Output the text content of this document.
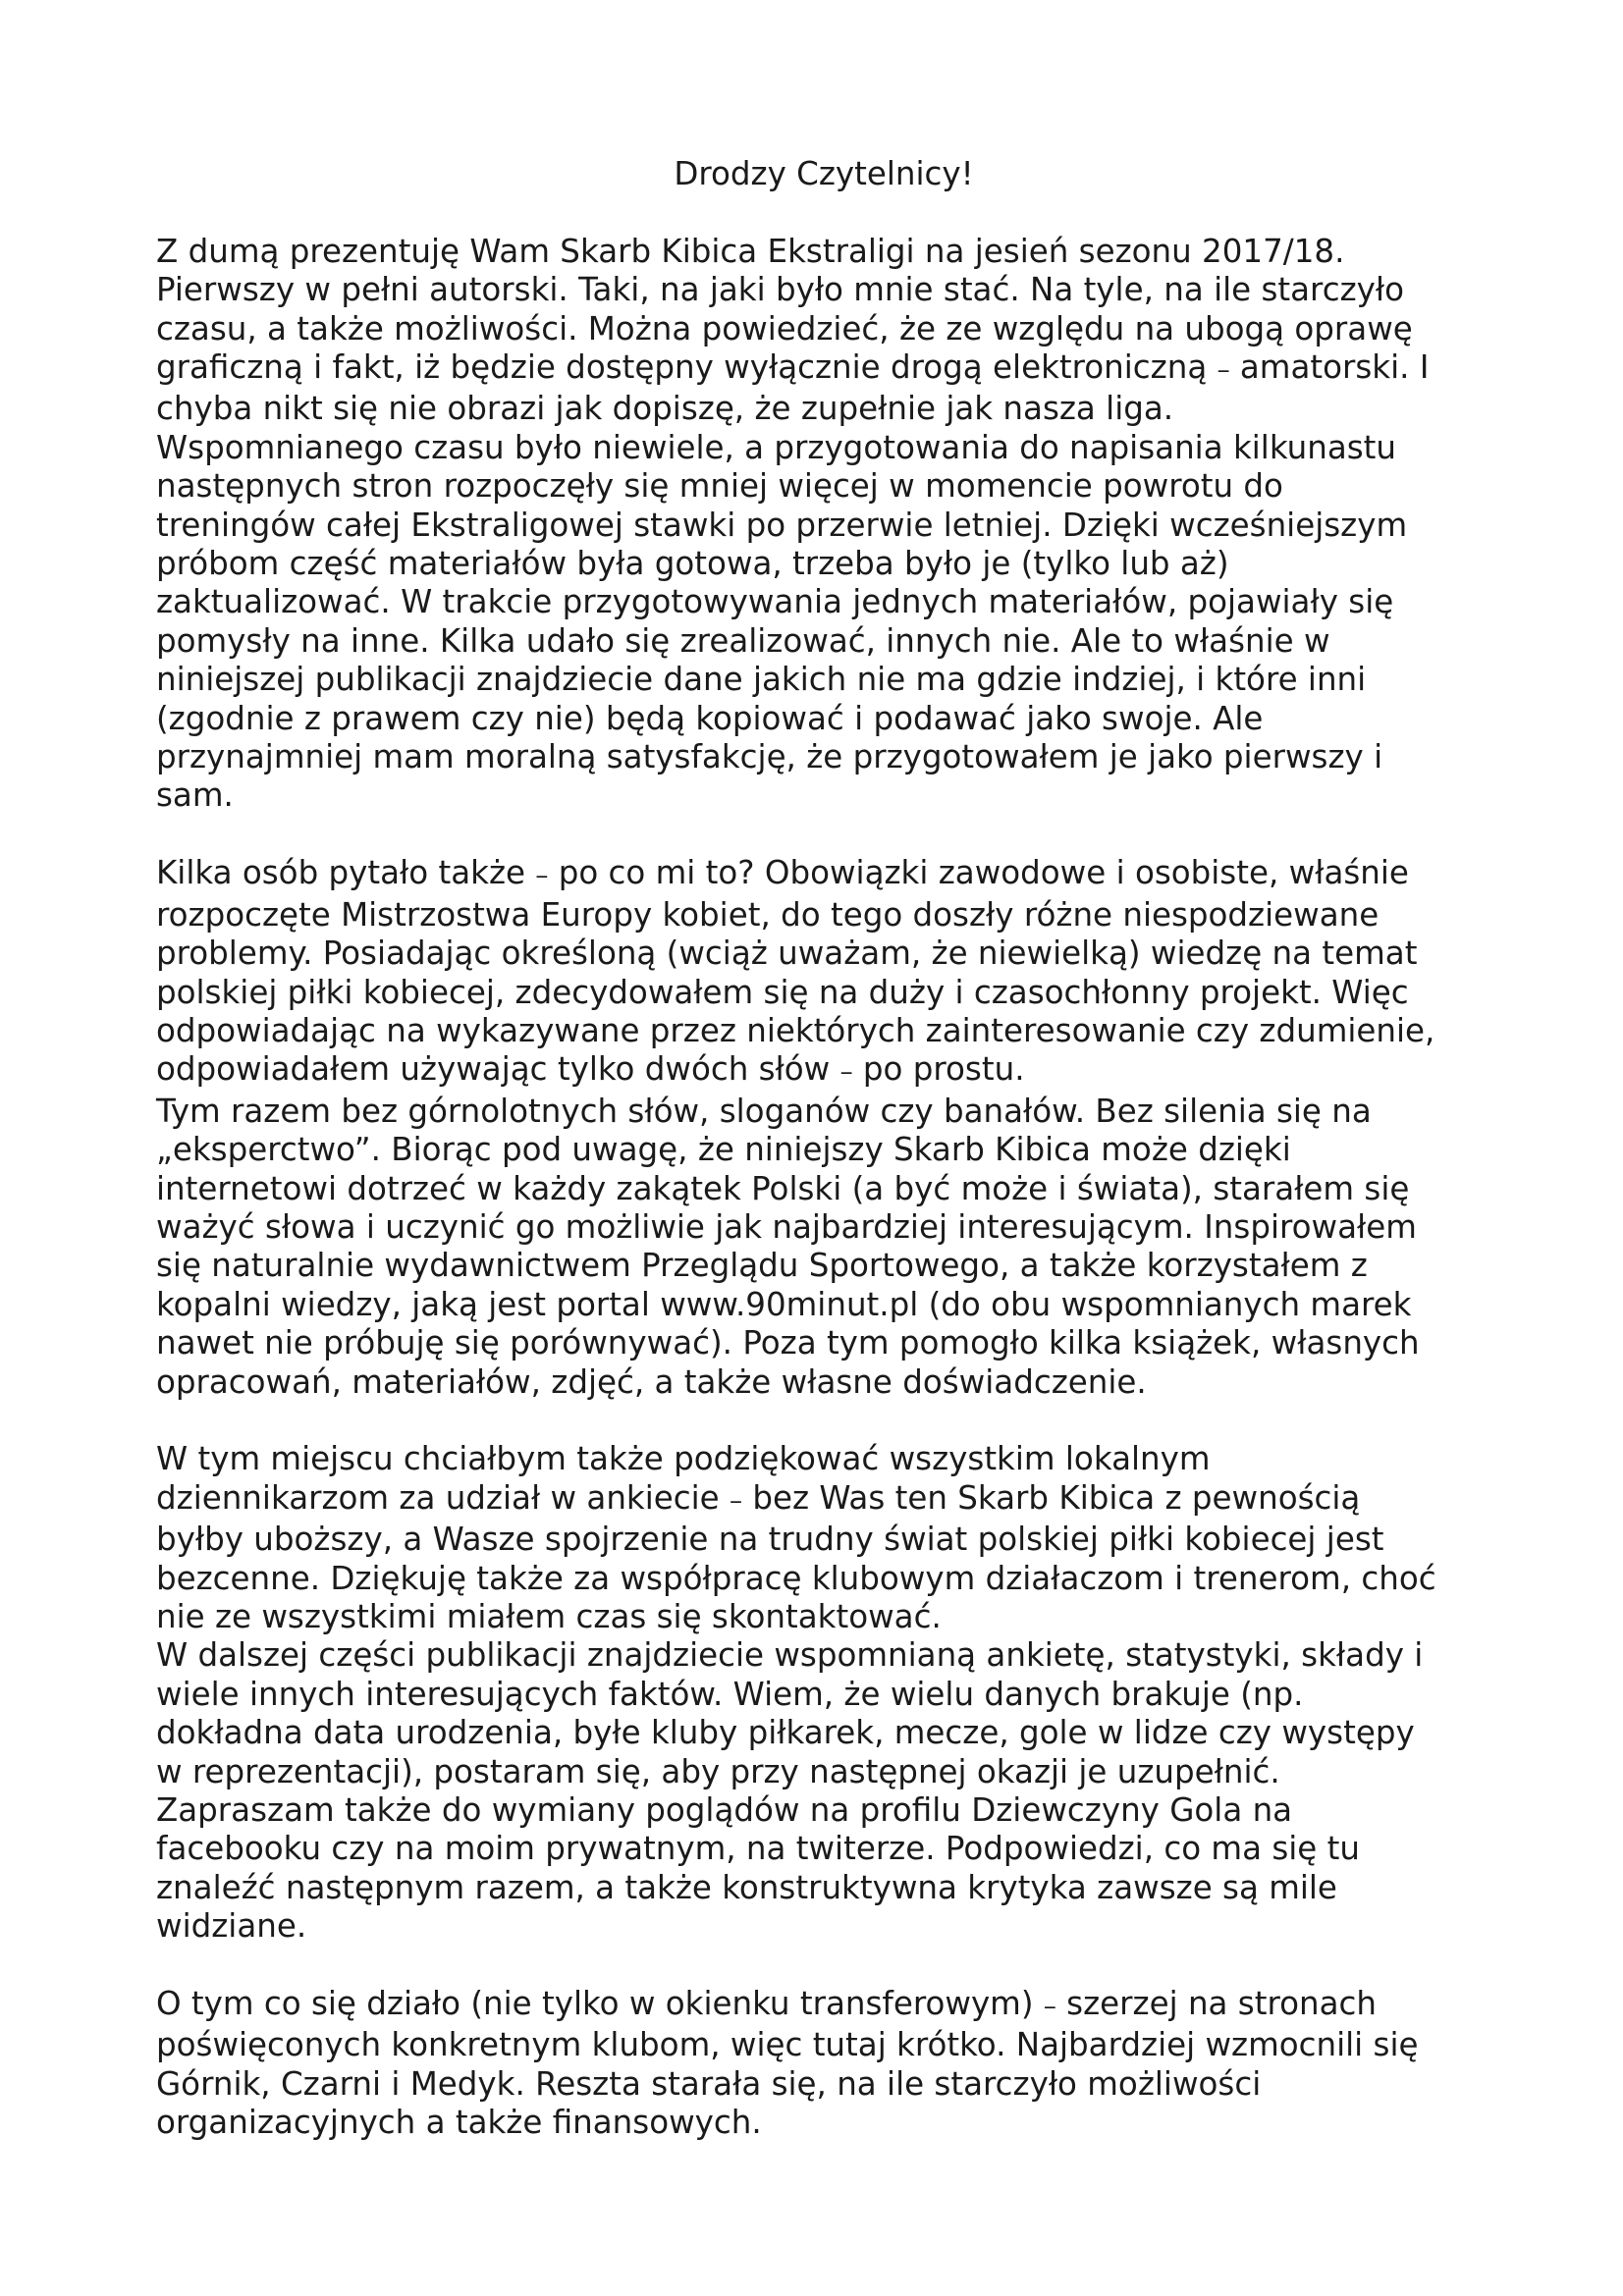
Drodzy Czytelnicy!
Z dumą prezentuję Wam Skarb Kibica Ekstraligi na jesień sezonu 2017/18.
Pierwszy w pełni autorski. Taki, na jaki było mnie stać. Na tyle, na ile starczyło
czasu, a także możliwości. Można powiedzieć, że ze względu na ubogą oprawę
graficzną i fakt, iż będzie dostępny wyłącznie drogą elektroniczną – amatorski. I
chyba nikt się nie obrazi jak dopiszę, że zupełnie jak nasza liga.
Wspomnianego czasu było niewiele, a przygotowania do napisania kilkunastu
następnych stron rozpoczęły się mniej więcej w momencie powrotu do
treningów całej Ekstraligowej stawki po przerwie letniej. Dzięki wcześniejszym
próbom część materiałów była gotowa, trzeba było je (tylko lub aż)
zaktualizować. W trakcie przygotowywania jednych materiałów, pojawiały się
pomysły na inne. Kilka udało się zrealizować, innych nie. Ale to właśnie w
niniejszej publikacji znajdziecie dane jakich nie ma gdzie indziej, i które inni
(zgodnie z prawem czy nie) będą kopiować i podawać jako swoje. Ale
przynajmniej mam moralną satysfakcję, że przygotowałem je jako pierwszy i
sam.
Kilka osób pytało także – po co mi to? Obowiązki zawodowe i osobiste, właśnie
rozpoczęte Mistrzostwa Europy kobiet, do tego doszły różne niespodziewane
problemy. Posiadając określoną (wciąż uważam, że niewielką) wiedzę na temat
polskiej piłki kobiecej, zdecydowałem się na duży i czasochłonny projekt. Więc
odpowiadając na wykazywane przez niektórych zainteresowanie czy zdumienie,
odpowiadałem używając tylko dwóch słów – po prostu.
Tym razem bez górnolotnych słów, sloganów czy banałów. Bez silenia się na
„eksperctwo”. Biorąc pod uwagę, że niniejszy Skarb Kibica może dzięki
internetowi dotrzeć w każdy zakątek Polski (a być może i świata), starałem się
ważyć słowa i uczynić go możliwie jak najbardziej interesującym. Inspirowałem
się naturalnie wydawnictwem Przeglądu Sportowego, a także korzystałem z
kopalni wiedzy, jaką jest portal www.90minut.pl (do obu wspomnianych marek
nawet nie próbuję się porównywać). Poza tym pomogło kilka książek, własnych
opracowań, materiałów, zdjęć, a także własne doświadczenie.
W tym miejscu chciałbym także podziękować wszystkim lokalnym
dziennikarzom za udział w ankiecie – bez Was ten Skarb Kibica z pewnością
byłby uboższy, a Wasze spojrzenie na trudny świat polskiej piłki kobiecej jest
bezcenne. Dziękuję także za współpracę klubowym działaczom i trenerom, choć
nie ze wszystkimi miałem czas się skontaktować.
W dalszej części publikacji znajdziecie wspomnianą ankietę, statystyki, składy i
wiele innych interesujących faktów. Wiem, że wielu danych brakuje (np.
dokładna data urodzenia, byłe kluby piłkarek, mecze, gole w lidze czy występy
w reprezentacji), postaram się, aby przy następnej okazji je uzupełnić.
Zapraszam także do wymiany poglądów na profilu Dziewczyny Gola na
facebooku czy na moim prywatnym, na twiterze. Podpowiedzi, co ma się tu
znaleźć następnym razem, a także konstruktywna krytyka zawsze są mile
widziane.
O tym co się działo (nie tylko w okienku transferowym) – szerzej na stronach
poświęconych konkretnym klubom, więc tutaj krótko. Najbardziej wzmocnili się
Górnik, Czarni i Medyk. Reszta starała się, na ile starczyło możliwości
organizacyjnych a także finansowych.
